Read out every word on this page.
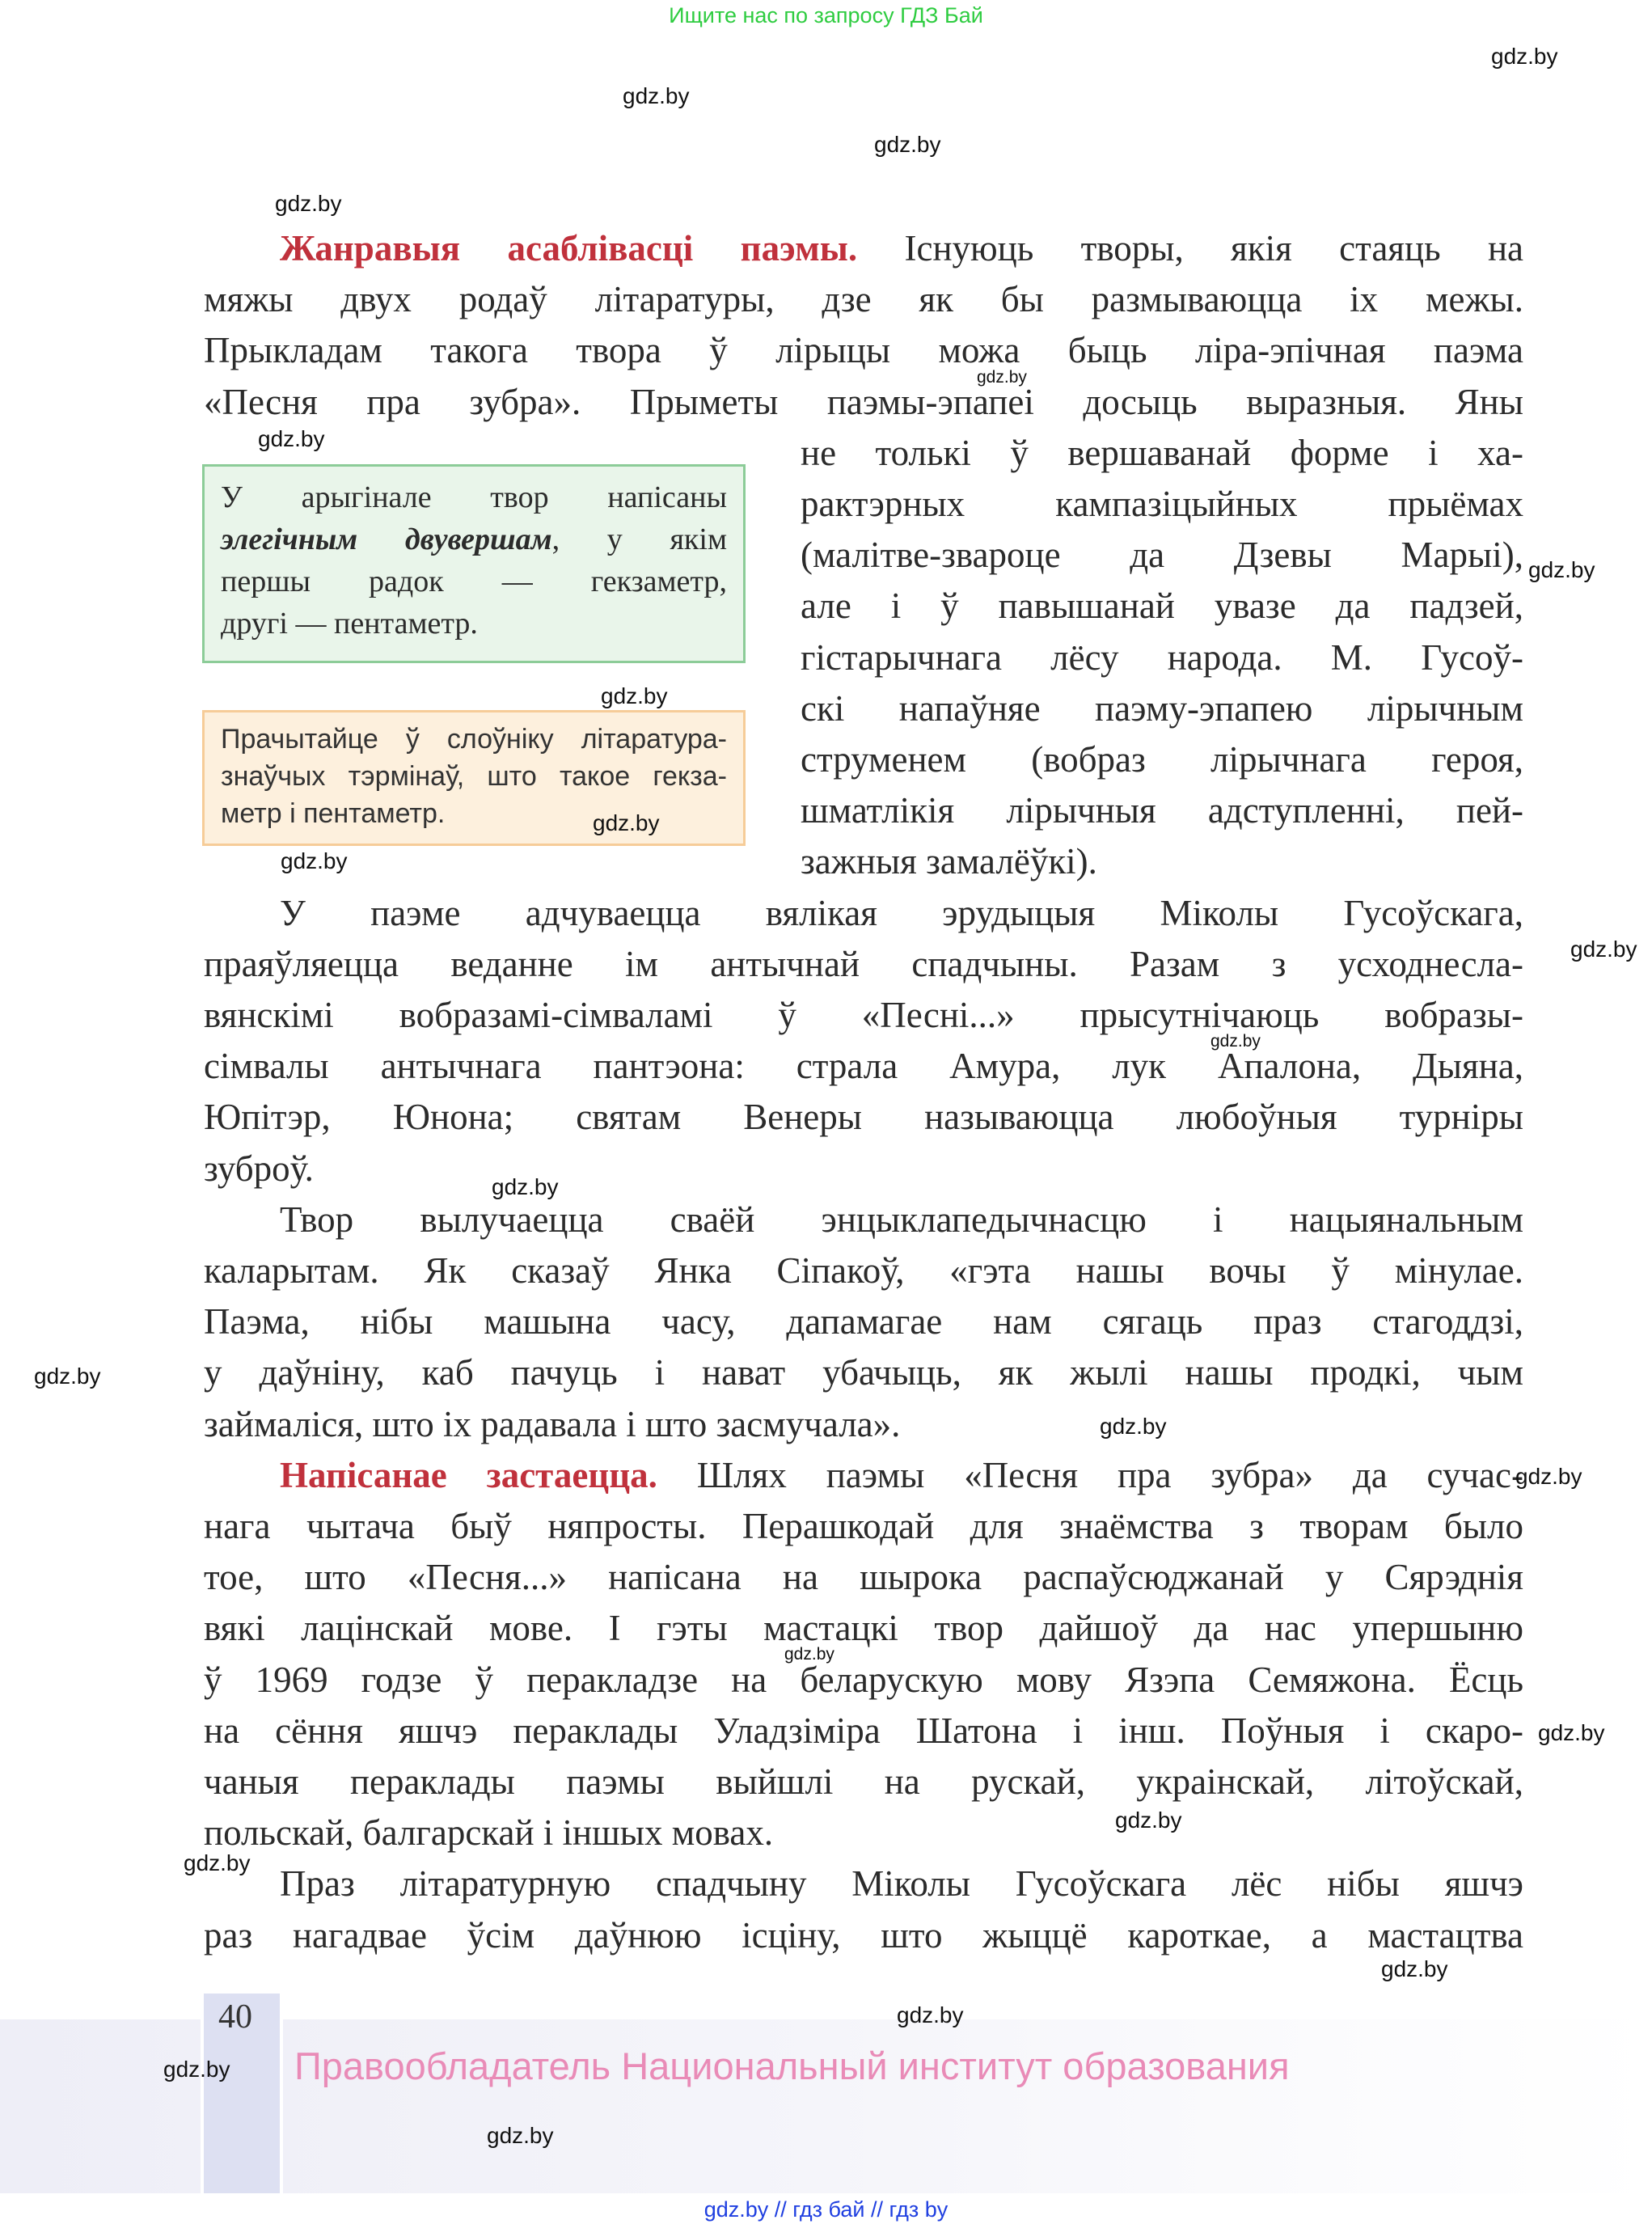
Ищите нас по запросу ГДЗ Бай
Жанравыя асаблівасці паэмы. Існуюць творы, якія стаяць на
мяжы двух родаў літаратуры, дзе як бы размываюцца іх межы.
Прыкладам такога твора ў лірыцы можа быць ліра-эпічная паэма
«Песня пра зубра». Прыметы паэмы-эпапеі досыць выразныя. Яны
не толькі ў вершаванай форме і ха-
рактэрных кампазіцыйных прыёмах
(малітве-звароце да Дзевы Марыі),
але і ў павышанай увазе да падзей,
гістарычнага лёсу народа. М. Гусоў-
скі напаўняе паэму-эпапею лірычным
струменем (вобраз лірычнага героя,
шматлікія лірычныя адступленні, пей-
зажныя замалёўкі).
У паэме адчуваецца вялікая эрудыцыя Міколы Гусоўскага,
праяўляецца веданне ім антычнай спадчыны. Разам з усходнесла-
вянскімі вобразамі-сімваламі ў «Песні...» прысутнічаюць вобразы-
сімвалы антычнага пантэона: страла Амура, лук Апалона, Дыяна,
Юпітэр, Юнона; святам Венеры называюцца любоўныя турніры
зуброў.
Твор вылучаецца сваёй энцыклапедычнасцю і нацыянальным
каларытам. Як сказаў Янка Сіпакоў, «гэта нашы вочы ў мінулае.
Паэма, нібы машына часу, дапамагае нам сягаць праз стагоддзі,
у даўніну, каб пачуць і нават убачыць, як жылі нашы продкі, чым
займаліся, што іх радавала і што засмучала».
Напісанае застаецца. Шлях паэмы «Песня пра зубра» да сучас-
нага чытача быў няпросты. Перашкодай для знаёмства з творам было
тое, што «Песня...» напісана на шырока распаўсюджанай у Сярэднія
вякі лацінскай мове. І гэты мастацкі твор дайшоў да нас упершыню
ў 1969 годзе ў перакладзе на беларускую мову Язэпа Семяжона. Ёсць
на сёння яшчэ пераклады Уладзіміра Шатона і інш. Поўныя і скаро-
чаныя пераклады паэмы выйшлі на рускай, украінскай, літоўскай,
польскай, балгарскай і іншых мовах.
Праз літаратурную спадчыну Міколы Гусоўскага лёс нібы яшчэ
раз нагадвае ўсім даўнюю ісціну, што жыццё кароткае, а мастацтва
У арыгінале твор напісаны
элегічным двувершам, у якім
першы радок — гекзаметр,
другі — пентаметр.
Прачытайце ў слоўніку літаратура-
знаўчых тэрмінаў, што такое гекза-
метр і пентаметр.
40
Правообладатель Национальный институт образования
gdz.by // гдз бай // гдз by
gdz.by
gdz.by
gdz.by
gdz.by
gdz.by
gdz.by
gdz.by
gdz.by
gdz.by
gdz.by
gdz.by
gdz.by
gdz.by
gdz.by
gdz.by
gdz.by
gdz.by
gdz.by
gdz.by
gdz.by
gdz.by
gdz.by
gdz.by
gdz.by
